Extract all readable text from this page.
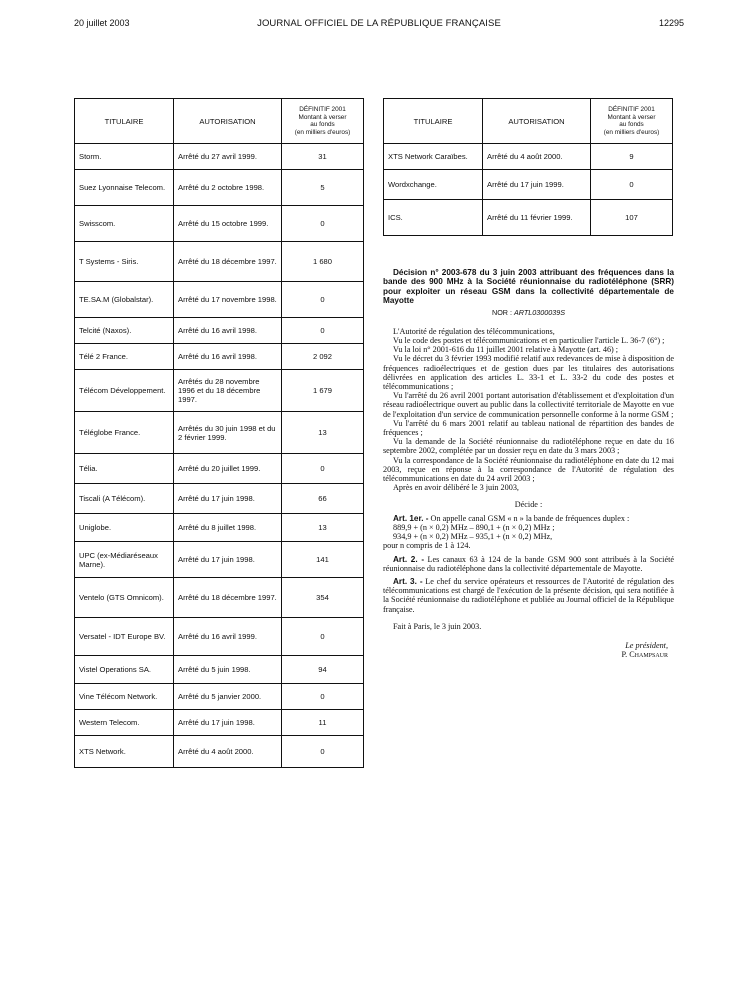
20 juillet 2003	JOURNAL OFFICIEL DE LA RÉPUBLIQUE FRANÇAISE	12295
TITULAIRE	AUTORISATION	DÉFINITIF 2001
Montant à verser
au fonds
(en milliers d'euros)
Storm.	Arrêté du 27 avril 1999.	31
Suez Lyonnaise Telecom.	Arrêté du 2 octobre 1998.	5
Swisscom.	Arrêté du 15 octobre 1999.	0
T Systems - Siris.	Arrêté du 18 décembre 1997.	1 680
TE.SA.M (Globalstar).	Arrêté du 17 novembre 1998.	0
Telcité (Naxos).	Arrêté du 16 avril 1998.	0
Télé 2 France.	Arrêté du 16 avril 1998.	2 092
Télécom Développement.	Arrêtés du 28 novembre 1996 et du 18 décembre 1997.	1 679
Téléglobe France.	Arrêtés du 30 juin 1998 et du 2 février 1999.	13
Télia.	Arrêté du 20 juillet 1999.	0
Tiscali (A Télécom).	Arrêté du 17 juin 1998.	66
Uniglobe.	Arrêté du 8 juillet 1998.	13
UPC (ex-Médiaréseaux Marne).	Arrêté du 17 juin 1998.	141
Ventelo (GTS Omnicom).	Arrêté du 18 décembre 1997.	354
Versatel - IDT Europe BV.	Arrêté du 16 avril 1999.	0
Vistel Operations SA.	Arrêté du 5 juin 1998.	94
Vine Télécom Network.	Arrêté du 5 janvier 2000.	0
Western Telecom.	Arrêté du 17 juin 1998.	11
XTS Network.	Arrêté du 4 août 2000.	0
TITULAIRE	AUTORISATION	DÉFINITIF 2001
Montant à verser
au fonds
(en milliers d'euros)
XTS Network Caraïbes.	Arrêté du 4 août 2000.	9
Wordxchange.	Arrêté du 17 juin 1999.	0
ICS.	Arrêté du 11 février 1999.	107

Décision n° 2003-678 du 3 juin 2003 attribuant des fréquences dans la bande des 900 MHz à la Société réunionnaise du radiotéléphone (SRR) pour exploiter un réseau GSM dans la collectivité départementale de Mayotte

NOR : ARTL0300039S

L'Autorité de régulation des télécommunications,

Vu le code des postes et télécommunications et en particulier l'article L. 36-7 (6°) ;

Vu la loi n° 2001-616 du 11 juillet 2001 relative à Mayotte (art. 46) ;

Vu le décret du 3 février 1993 modifié relatif aux redevances de mise à disposition de fréquences radioélectriques et de gestion dues par les titulaires des autorisations délivrées en application des articles L. 33-1 et L. 33-2 du code des postes et télécommunications ;

Vu l'arrêté du 26 avril 2001 portant autorisation d'établissement et d'exploitation d'un réseau radioélectrique ouvert au public dans la collectivité territoriale de Mayotte en vue de l'exploitation d'un service de communication personnelle conforme à la norme GSM ;

Vu l'arrêté du 6 mars 2001 relatif au tableau national de répartition des bandes de fréquences ;

Vu la demande de la Société réunionnaise du radiotéléphone reçue en date du 16 septembre 2002, complétée par un dossier reçu en date du 3 mars 2003 ;

Vu la correspondance de la Société réunionnaise du radiotéléphone en date du 12 mai 2003, reçue en réponse à la correspondance de l'Autorité de régulation des télécommunications en date du 24 avril 2003 ;

Après en avoir délibéré le 3 juin 2003,

Décide :

Art. 1er. - On appelle canal GSM « n » la bande de fréquences duplex :

889,9 + (n × 0,2) MHz – 890,1 + (n × 0,2) MHz ;

934,9 + (n × 0,2) MHz – 935,1 + (n × 0,2) MHz,

pour n compris de 1 à 124.

Art. 2. - Les canaux 63 à 124 de la bande GSM 900 sont attribués à la Société réunionnaise du radiotéléphone dans la collectivité départementale de Mayotte.

Art. 3. - Le chef du service opérateurs et ressources de l'Autorité de régulation des télécommunications est chargé de l'exécution de la présente décision, qui sera notifiée à la Société réunionnaise du radiotéléphone et publiée au Journal officiel de la République française.

Fait à Paris, le 3 juin 2003.

Le président,

P. Champsaur
